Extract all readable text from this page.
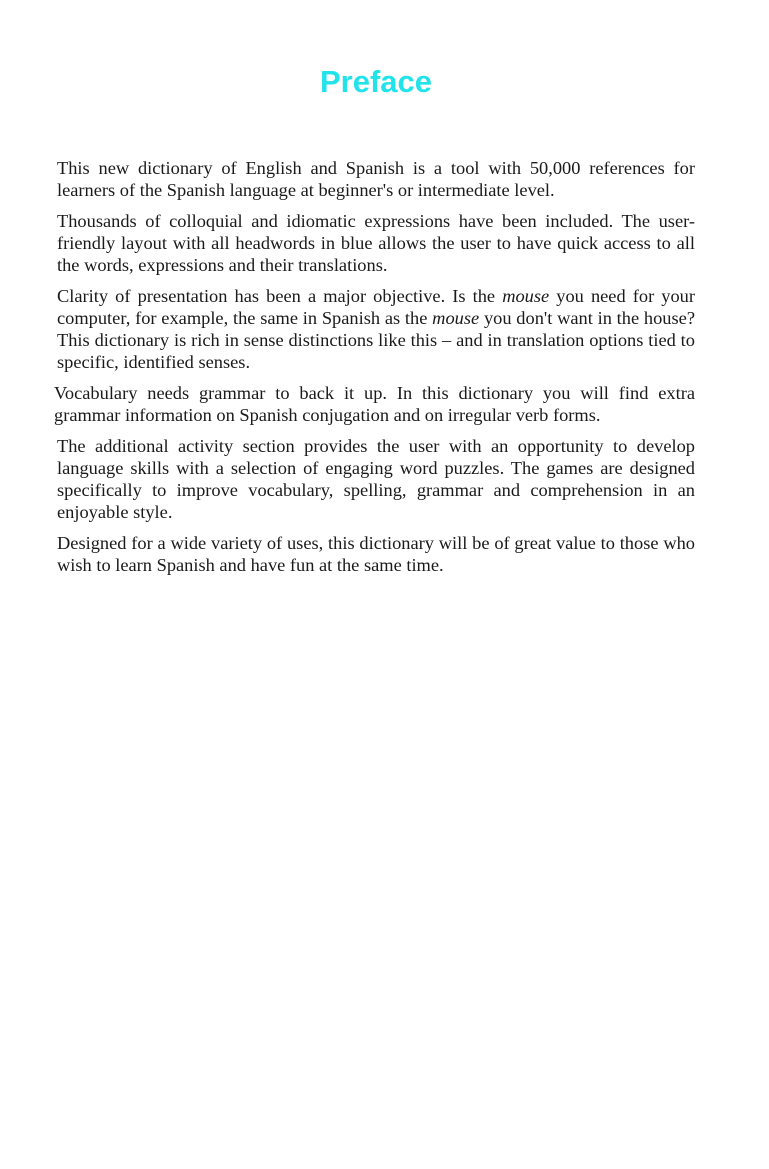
Preface

This new dictionary of English and Spanish is a tool with 50,000 references for learners of the Spanish language at beginner's or intermediate level.

Thousands of colloquial and idiomatic expressions have been included. The user-friendly layout with all headwords in blue allows the user to have quick access to all the words, expressions and their translations.

Clarity of presentation has been a major objective. Is the mouse you need for your computer, for example, the same in Spanish as the mouse you don't want in the house? This dictionary is rich in sense distinctions like this – and in translation options tied to specific, identified senses.

Vocabulary needs grammar to back it up. In this dictionary you will find extra grammar information on Spanish conjugation and on irregular verb forms.

The additional activity section provides the user with an opportunity to develop language skills with a selection of engaging word puzzles. The games are designed specifically to improve vocabulary, spelling, grammar and comprehension in an enjoyable style.

Designed for a wide variety of uses, this dictionary will be of great value to those who wish to learn Spanish and have fun at the same time.
